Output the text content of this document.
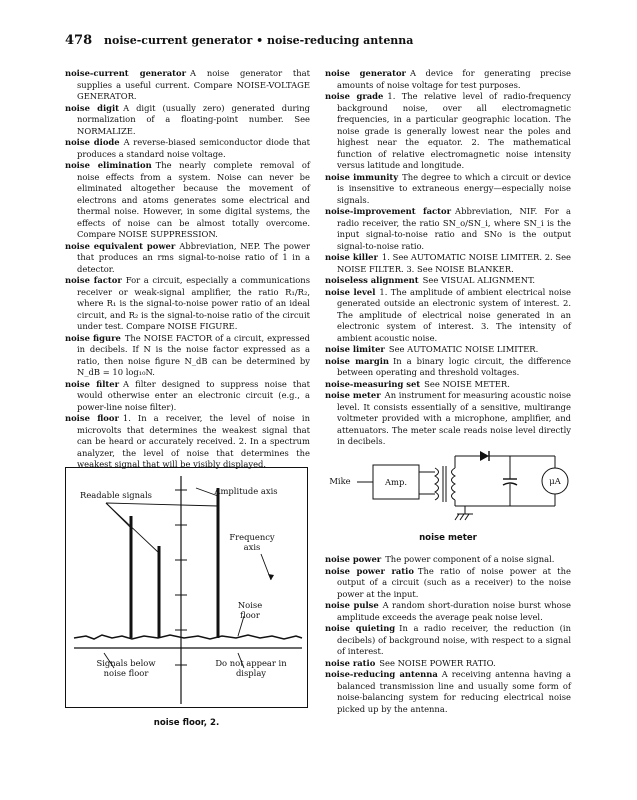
478 noise-current generator • noise-reducing antenna

noise-current generator A noise generator that supplies a useful current. Compare NOISE-VOLTAGE GENERATOR.

noise digit A digit (usually zero) generated during normalization of a floating-point number. See NORMALIZE.

noise diode A reverse-biased semiconductor diode that produces a standard noise voltage.

noise elimination The nearly complete removal of noise effects from a system. Noise can never be eliminated altogether because the movement of electrons and atoms generates some electrical and thermal noise. However, in some digital systems, the effects of noise can be almost totally overcome. Compare NOISE SUPPRESSION.

noise equivalent power Abbreviation, NEP. The power that produces an rms signal-to-noise ratio of 1 in a detector.

noise factor For a circuit, especially a communications receiver or weak-signal amplifier, the ratio R₁/R₂, where R₁ is the signal-to-noise power ratio of an ideal circuit, and R₂ is the signal-to-noise ratio of the circuit under test. Compare NOISE FIGURE.

noise figure The NOISE FACTOR of a circuit, expressed in decibels. If N is the noise factor expressed as a ratio, then noise figure N_dB can be determined by N_dB = 10 log₁₀N.

noise filter A filter designed to suppress noise that would otherwise enter an electronic circuit (e.g., a power-line noise filter).

noise floor 1. In a receiver, the level of noise in microvolts that determines the weakest signal that can be heard or accurately received. 2. In a spectrum analyzer, the level of noise that determines the weakest signal that will be visibly displayed.

noise generator A device for generating precise amounts of noise voltage for test purposes.

noise grade 1. The relative level of radio-frequency background noise, over all electromagnetic frequencies, in a particular geographic location. The noise grade is generally lowest near the poles and highest near the equator. 2. The mathematical function of relative electromagnetic noise intensity versus latitude and longitude.

noise immunity The degree to which a circuit or device is insensitive to extraneous energy—especially noise signals.

noise-improvement factor Abbreviation, NIF. For a radio receiver, the ratio SN_o/SN_i, where SN_i is the input signal-to-noise ratio and SNo is the output signal-to-noise ratio.

noise killer 1. See AUTOMATIC NOISE LIMITER. 2. See NOISE FILTER. 3. See NOISE BLANKER.

noiseless alignment See VISUAL ALIGNMENT.

noise level 1. The amplitude of ambient electrical noise generated outside an electronic system of interest. 2. The amplitude of electrical noise generated in an electronic system of interest. 3. The intensity of ambient acoustic noise.

noise limiter See AUTOMATIC NOISE LIMITER.

noise margin In a binary logic circuit, the difference between operating and threshold voltages.

noise-measuring set See NOISE METER.

noise meter An instrument for measuring acoustic noise level. It consists essentially of a sensitive, multirange voltmeter provided with a microphone, amplifier, and attenuators. The meter scale reads noise level directly in decibels.

noise power The power component of a noise signal.

noise power ratio The ratio of noise power at the output of a circuit (such as a receiver) to the noise power at the input.

noise pulse A random short-duration noise burst whose amplitude exceeds the average peak noise level.

noise quieting In a radio receiver, the reduction (in decibels) of background noise, with respect to a signal of interest.

noise ratio See NOISE POWER RATIO.

noise-reducing antenna A receiving antenna having a balanced transmission line and usually some form of noise-balancing system for reducing electrical noise picked up by the antenna.

Readable signals	Amplitude axis
Frequency axis
Noise floor
Signals below noise floor
Do not appear in display
noise floor, 2.
Mike	Amp.	μA
noise meter
